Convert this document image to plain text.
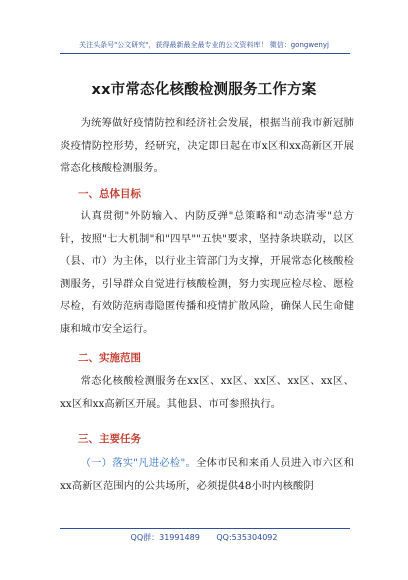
关注头条号"公文研究"，获得最新最全最专业的公文资料库！ 微信：gongwenyj
xx市常态化核酸检测服务工作方案

为统筹做好疫情防控和经济社会发展，根据当前我市新冠肺炎疫情防控形势，经研究，决定即日起在市x区和xx高新区开展常态化核酸检测服务。

一、总体目标

认真贯彻"外防输入、内防反弹"总策略和"动态清零"总方针，按照"七大机制"和"四早""五快"要求，坚持条块联动，以区（县、市）为主体，以行业主管部门为支撑，开展常态化核酸检测服务，引导群众自觉进行核酸检测，努力实现应检尽检、愿检尽检，有效防范病毒隐匿传播和疫情扩散风险，确保人民生命健康和城市安全运行。

二、实施范围

常态化核酸检测服务在xx区、xx区、xx区、xx区、xx区、xx区和xx高新区开展。其他县、市可参照执行。

三、主要任务

（一）落实"凡进必检"。全体市民和来甬人员进入市六区和xx高新区范围内的公共场所，必须提供48小时内核酸阴

QQ群：31991489 QQ:535304092
